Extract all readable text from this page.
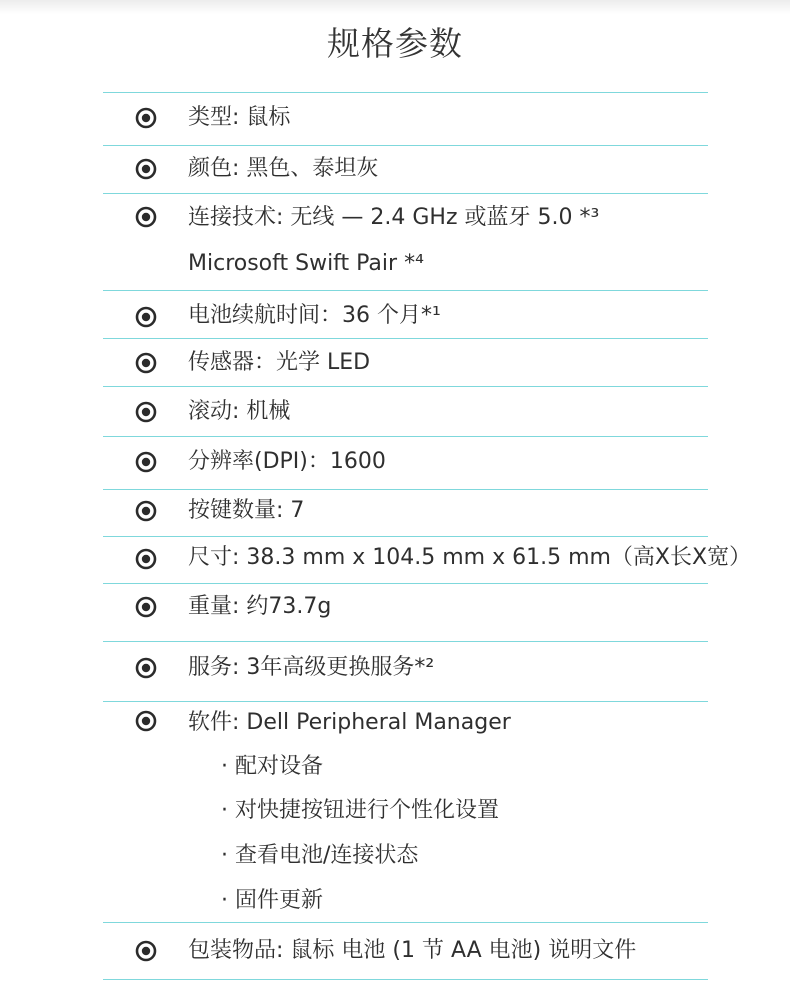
规格参数
类型: 鼠标
颜色: 黑色、泰坦灰
连接技术: 无线 — 2.4 GHz 或蓝牙 5.0 *³
Microsoft Swift Pair *⁴
电池续航时间：36 个月*¹
传感器：光学 LED
滚动: 机械
分辨率(DPI)：1600
按键数量: 7
尺寸: 38.3 mm x 104.5 mm x 61.5 mm（高X长X宽）
重量: 约73.7g
服务: 3年高级更换服务*²
软件: Dell Peripheral Manager
· 配对设备
· 对快捷按钮进行个性化设置
· 查看电池/连接状态
· 固件更新
包装物品: 鼠标 电池 (1 节 AA 电池) 说明文件
